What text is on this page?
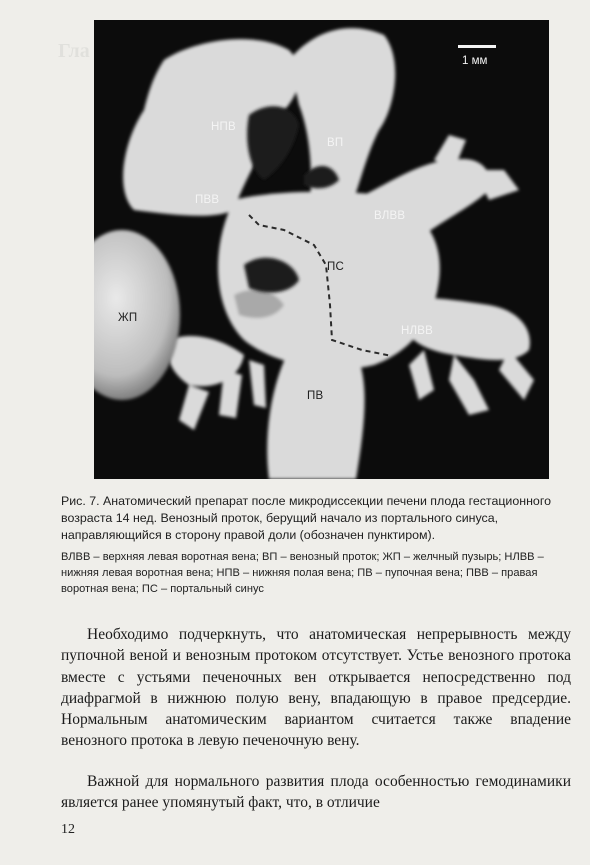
Гла	1 мм
НПВ
ВП
ПВВ
ВЛВВ
ПС
ЖП
НЛВВ
ПВ
Рис. 7. Анатомический препарат после микродиссекции печени плода гестационного возраста 14 нед. Венозный проток, берущий начало из портального синуса, направляющийся в сторону правой доли (обозначен пунктиром).
ВЛВВ – верхняя левая воротная вена; ВП – венозный проток; ЖП – желчный пузырь; НЛВВ – нижняя левая воротная вена; НПВ – нижняя полая вена; ПВ – пупочная вена; ПВВ – правая воротная вена; ПС – портальный синус
Необходимо подчеркнуть, что анатомическая непрерывность между пупочной веной и венозным протоком отсутствует. Устье венозного протока вместе с устьями печеночных вен открывается непосредственно под диафрагмой в нижнюю полую вену, впадающую в правое предсердие. Нормальным анатомическим вариантом считается также впадение венозного протока в левую печеночную вену.
Важной для нормального развития плода особенностью гемодинамики является ранее упомянутый факт, что, в отличие
12
